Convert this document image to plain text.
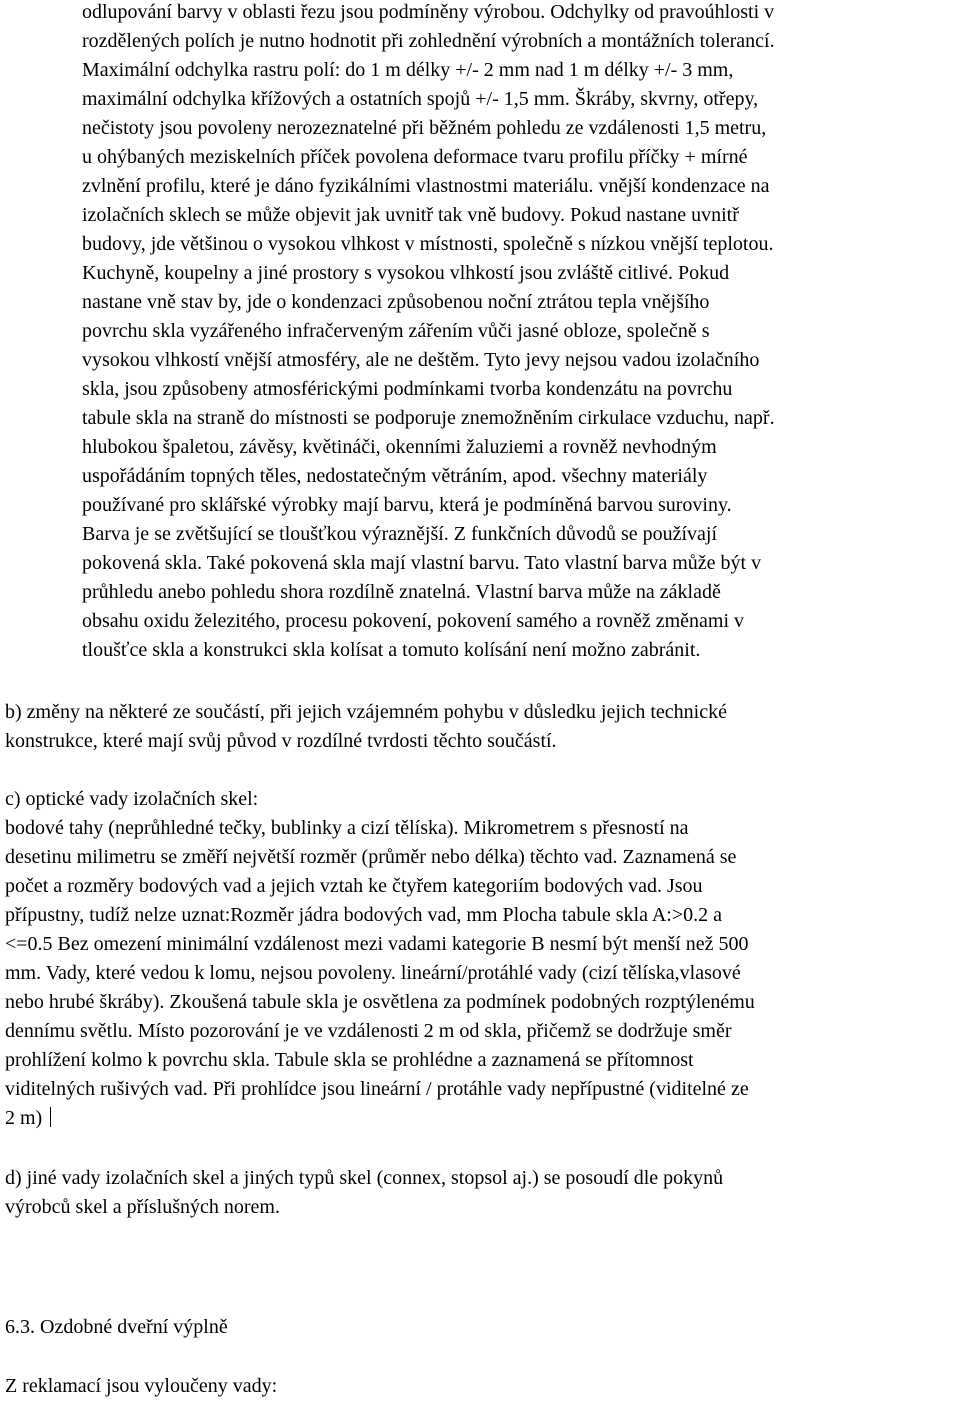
odlupování barvy v oblasti řezu jsou podmíněny výrobou. Odchylky od pravoúhlosti v
rozdělených polích je nutno hodnotit při zohlednění výrobních a montážních tolerancí.
Maximální odchylka rastru polí: do 1 m délky +/- 2 mm nad 1 m délky +/- 3 mm,
maximální odchylka křížových a ostatních spojů +/- 1,5 mm. Škráby, skvrny, otřepy,
nečistoty jsou povoleny nerozeznatelné při běžném pohledu ze vzdálenosti 1,5 metru,
u ohýbaných meziskelních příček povolena deformace tvaru profilu příčky + mírné
zvlnění profilu, které je dáno fyzikálními vlastnostmi materiálu. vnější kondenzace na
izolačních sklech se může objevit jak uvnitř tak vně budovy. Pokud nastane uvnitř
budovy, jde většinou o vysokou vlhkost v místnosti, společně s nízkou vnější teplotou.
Kuchyně, koupelny a jiné prostory s vysokou vlhkostí jsou zvláště citlivé. Pokud
nastane vně stav by, jde o kondenzaci způsobenou noční ztrátou tepla vnějšího
povrchu skla vyzářeného infračerveným zářením vůči jasné obloze, společně s
vysokou vlhkostí vnější atmosféry, ale ne deštěm. Tyto jevy nejsou vadou izolačního
skla, jsou způsobeny atmosférickými podmínkami tvorba kondenzátu na povrchu
tabule skla na straně do místnosti se podporuje znemožněním cirkulace vzduchu, např.
hlubokou špaletou, závěsy, květináči, okenními žaluziemi a rovněž nevhodným
uspořádáním topných těles, nedostatečným větráním, apod. všechny materiály
používané pro sklářské výrobky mají barvu, která je podmíněná barvou suroviny.
Barva je se zvětšující se tloušťkou výraznější. Z funkčních důvodů se používají
pokovená skla. Také pokovená skla mají vlastní barvu. Tato vlastní barva může být v
průhledu anebo pohledu shora rozdílně znatelná. Vlastní barva může na základě
obsahu oxidu železitého, procesu pokovení, pokovení samého a rovněž změnami v
tloušťce skla a konstrukci skla kolísat a tomuto kolísání není možno zabránit.
b) změny na některé ze součástí, při jejich vzájemném pohybu v důsledku jejich technické
konstrukce, které mají svůj původ v rozdílné tvrdosti těchto součástí.
c) optické vady izolačních skel:
bodové tahy (neprůhledné tečky, bublinky a cizí tělíska). Mikrometrem s přesností na
desetinu milimetru se změří největší rozměr (průměr nebo délka) těchto vad. Zaznamená se
počet a rozměry bodových vad a jejich vztah ke čtyřem kategoriím bodových vad. Jsou
přípustny, tudíž nelze uznat:Rozměr jádra bodových vad, mm Plocha tabule skla A:>0.2 a
<=0.5 Bez omezení minimální vzdálenost mezi vadami kategorie B nesmí být menší než 500
mm. Vady, které vedou k lomu, nejsou povoleny. lineární/protáhlé vady (cizí tělíska,vlasové
nebo hrubé škráby). Zkoušená tabule skla je osvětlena za podmínek podobných rozptýlenému
dennímu světlu. Místo pozorování je ve vzdálenosti 2 m od skla, přičemž se dodržuje směr
prohlížení kolmo k povrchu skla. Tabule skla se prohlédne a zaznamená se přítomnost
viditelných rušivých vad. Při prohlídce jsou lineární / protáhle vady nepřípustné (viditelné ze
2 m)
d) jiné vady izolačních skel a jiných typů skel (connex, stopsol aj.) se posoudí dle pokynů
výrobců skel a příslušných norem.
6.3. Ozdobné dveřní výplně
Z reklamací jsou vyloučeny vady:
